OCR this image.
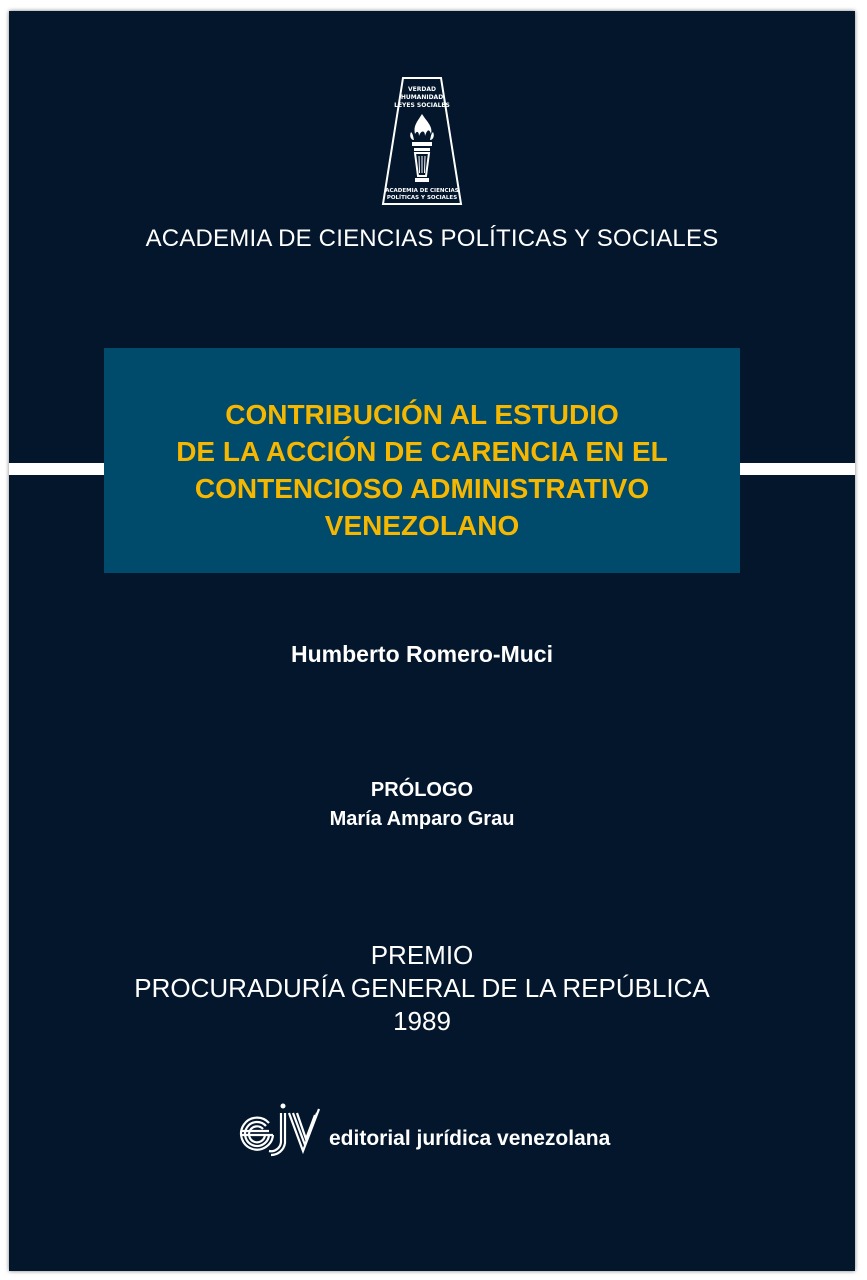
VERDAD
HUMANIDAD
LEYES SOCIALES
ACADEMIA DE CIENCIAS
POLÍTICAS Y SOCIALES
ACADEMIA DE CIENCIAS POLÍTICAS Y SOCIALES
CONTRIBUCIÓN AL ESTUDIO
DE LA ACCIÓN DE CARENCIA EN EL
CONTENCIOSO ADMINISTRATIVO
VENEZOLANO
Humberto Romero-Muci
PRÓLOGO
María Amparo Grau
PREMIO
PROCURADURÍA GENERAL DE LA REPÚBLICA
1989
editorial jurídica venezolana
